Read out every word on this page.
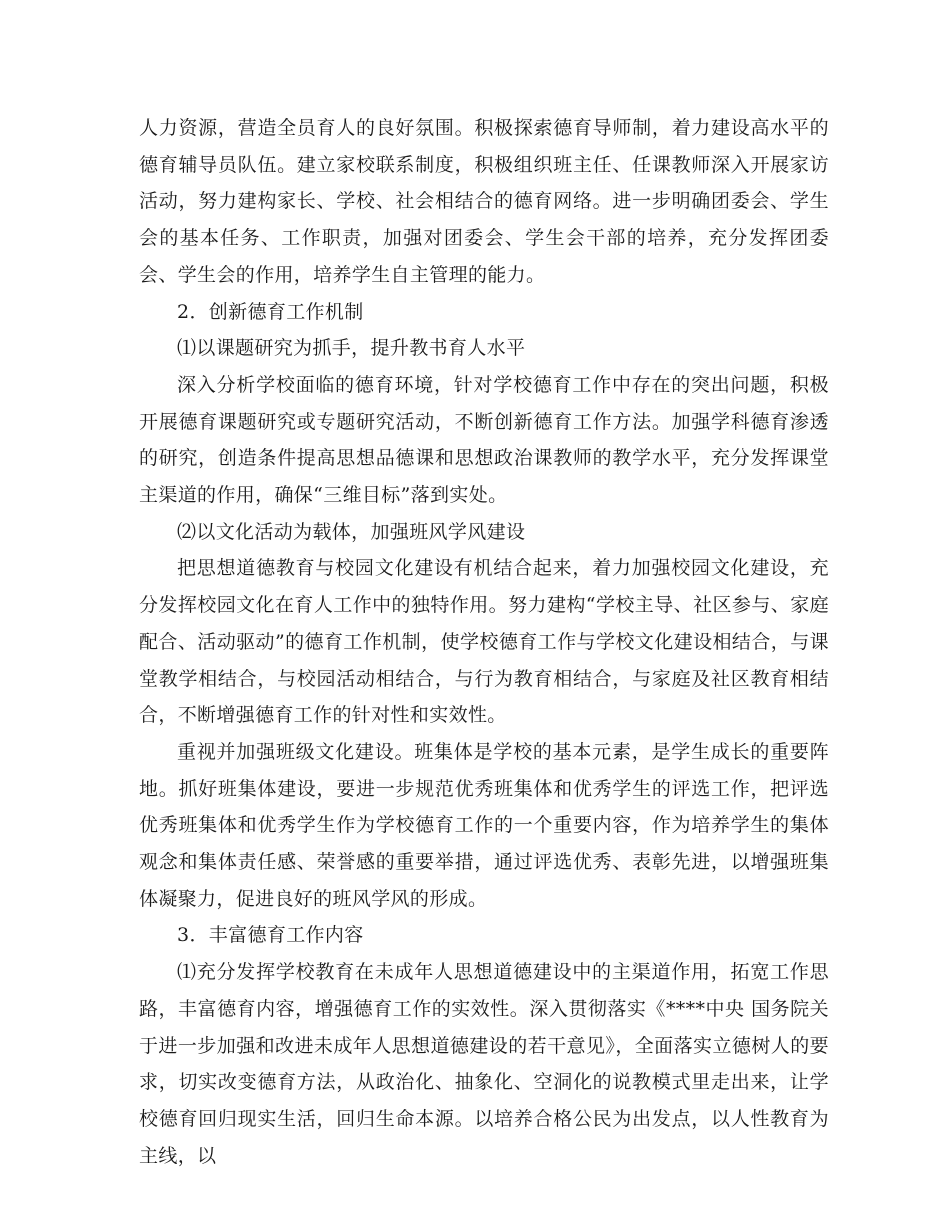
人力资源，营造全员育人的良好氛围。积极探索德育导师制，着力建设高水平的德育辅导员队伍。建立家校联系制度，积极组织班主任、任课教师深入开展家访活动，努力建构家长、学校、社会相结合的德育网络。进一步明确团委会、学生会的基本任务、工作职责，加强对团委会、学生会干部的培养，充分发挥团委会、学生会的作用，培养学生自主管理的能力。

2．创新德育工作机制

⑴以课题研究为抓手，提升教书育人水平

深入分析学校面临的德育环境，针对学校德育工作中存在的突出问题，积极开展德育课题研究或专题研究活动，不断创新德育工作方法。加强学科德育渗透的研究，创造条件提高思想品德课和思想政治课教师的教学水平，充分发挥课堂主渠道的作用，确保“三维目标”落到实处。

⑵以文化活动为载体，加强班风学风建设

把思想道德教育与校园文化建设有机结合起来，着力加强校园文化建设，充分发挥校园文化在育人工作中的独特作用。努力建构“学校主导、社区参与、家庭配合、活动驱动”的德育工作机制，使学校德育工作与学校文化建设相结合，与课堂教学相结合，与校园活动相结合，与行为教育相结合，与家庭及社区教育相结合，不断增强德育工作的针对性和实效性。

重视并加强班级文化建设。班集体是学校的基本元素，是学生成长的重要阵地。抓好班集体建设，要进一步规范优秀班集体和优秀学生的评选工作，把评选优秀班集体和优秀学生作为学校德育工作的一个重要内容，作为培养学生的集体观念和集体责任感、荣誉感的重要举措，通过评选优秀、表彰先进，以增强班集体凝聚力，促进良好的班风学风的形成。

3．丰富德育工作内容

⑴充分发挥学校教育在未成年人思想道德建设中的主渠道作用，拓宽工作思路，丰富德育内容，增强德育工作的实效性。深入贯彻落实《****中央 国务院关于进一步加强和改进未成年人思想道德建设的若干意见》，全面落实立德树人的要求，切实改变德育方法，从政治化、抽象化、空洞化的说教模式里走出来，让学校德育回归现实生活，回归生命本源。以培养合格公民为出发点，以人性教育为主线，以
